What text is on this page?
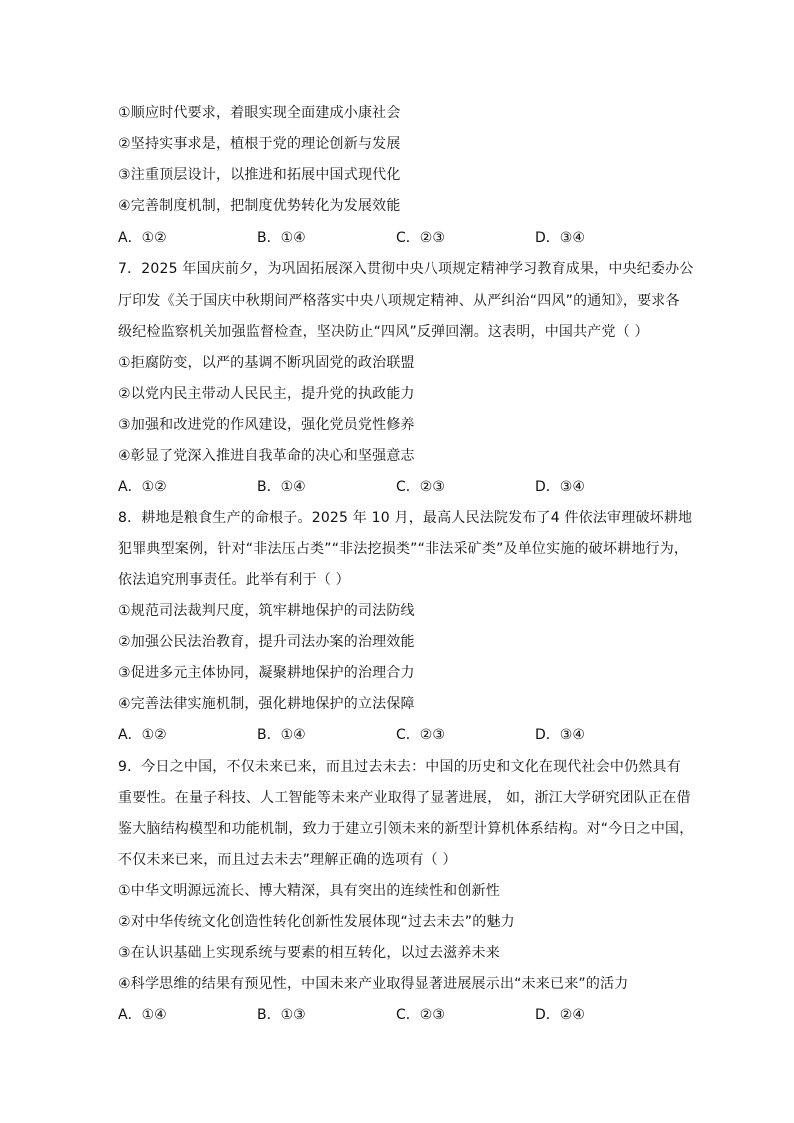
①顺应时代要求，着眼实现全面建成小康社会
②坚持实事求是，植根于党的理论创新与发展
③注重顶层设计，以推进和拓展中国式现代化
④完善制度机制，把制度优势转化为发展效能
A．①②	B．①④	C．②③	D．③④
7．2025 年国庆前夕，为巩固拓展深入贯彻中央八项规定精神学习教育成果，中央纪委办公
厅印发《关于国庆中秋期间严格落实中央八项规定精神、从严纠治“四风”的通知》，要求各
级纪检监察机关加强监督检查，坚决防止“四风”反弹回潮。这表明，中国共产党（ ）
①拒腐防变，以严的基调不断巩固党的政治联盟
②以党内民主带动人民民主，提升党的执政能力
③加强和改进党的作风建设，强化党员党性修养
④彰显了党深入推进自我革命的决心和坚强意志
A．①②	B．①④	C．②③	D．③④
8．耕地是粮食生产的命根子。2025 年 10 月，最高人民法院发布了4 件依法审理破坏耕地
犯罪典型案例，针对“非法压占类”“非法挖损类”“非法采矿类”及单位实施的破坏耕地行为，
依法追究刑事责任。此举有利于（ ）
①规范司法裁判尺度，筑牢耕地保护的司法防线
②加强公民法治教育，提升司法办案的治理效能
③促进多元主体协同，凝聚耕地保护的治理合力
④完善法律实施机制，强化耕地保护的立法保障
A．①②	B．①④	C．②③	D．③④
9．今日之中国，不仅未来已来，而且过去未去：中国的历史和文化在现代社会中仍然具有
重要性。在量子科技、人工智能等未来产业取得了显著进展， 如，浙江大学研究团队正在借
鉴大脑结构模型和功能机制，致力于建立引领未来的新型计算机体系结构。对“今日之中国，
不仅未来已来，而且过去未去”理解正确的选项有（ ）
①中华文明源远流长、博大精深，具有突出的连续性和创新性
②对中华传统文化创造性转化创新性发展体现“过去未去”的魅力
③在认识基础上实现系统与要素的相互转化，以过去滋养未来
④科学思维的结果有预见性，中国未来产业取得显著进展展示出“未来已来”的活力
A．①④	B．①③	C．②③	D．②④
